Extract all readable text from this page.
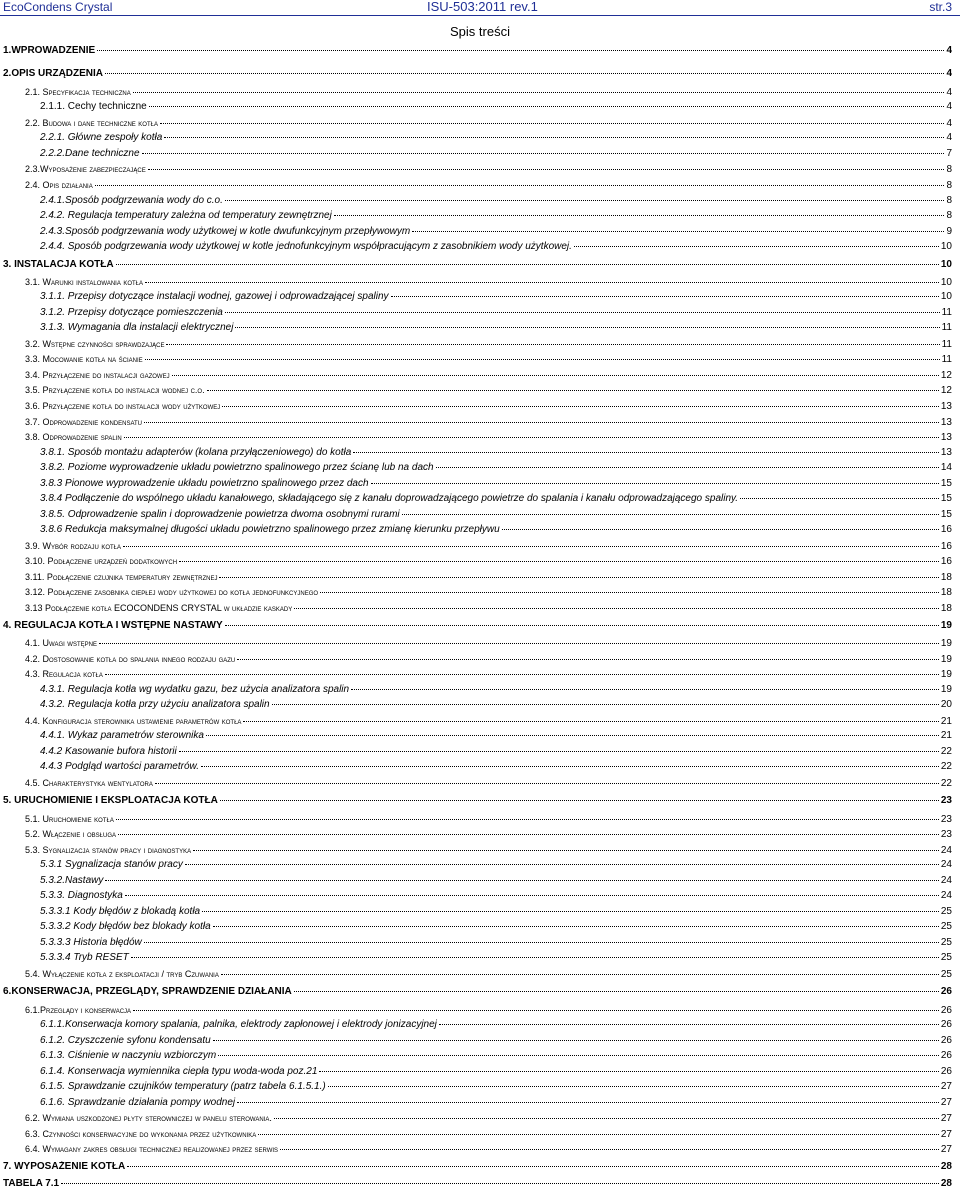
EcoCondens Crystal	ISU-503:2011 rev.1	str.3
Spis treści
1.WPROWADZENIE	4
2.OPIS URZĄDZENIA	4
2.1. Specyfikacja techniczna	4
2.1.1. Cechy techniczne	4
2.2. Budowa i dane techniczne kotła	4
2.2.1. Główne zespoły kotła	4
2.2.2.Dane techniczne	7
2.3.Wyposażenie zabezpieczające	8
2.4. Opis działania	8
2.4.1.Sposób podgrzewania wody do c.o.	8
2.4.2. Regulacja temperatury zależna od temperatury zewnętrznej	8
2.4.3.Sposób podgrzewania wody użytkowej w kotle dwufunkcyjnym przepływowym	9
2.4.4. Sposób podgrzewania wody użytkowej w kotle jednofunkcyjnym współpracującym z zasobnikiem wody użytkowej.	10
3. INSTALACJA KOTŁA	10
3.1. Warunki instalowania kotła	10
3.1.1. Przepisy dotyczące instalacji wodnej, gazowej i odprowadzającej spaliny	10
3.1.2. Przepisy dotyczące pomieszczenia	11
3.1.3. Wymagania dla instalacji elektrycznej	11
3.2. Wstępne czynności sprawdzające	11
3.3. Mocowanie kotła na ścianie	11
3.4. Przyłączenie do instalacji gazowej	12
3.5. Przyłączenie kotła do instalacji wodnej c.o.	12
3.6. Przyłączenie kotła do instalacji wody użytkowej	13
3.7. Odprowadzenie kondensatu	13
3.8. Odprowadzenie spalin	13
3.8.1. Sposób montażu adapterów (kolana przyłączeniowego) do kotła	13
3.8.2. Poziome wyprowadzenie układu powietrzno spalinowego przez ścianę lub na dach	14
3.8.3 Pionowe wyprowadzenie układu powietrzno spalinowego przez dach	15
3.8.4 Podłączenie do wspólnego układu kanałowego, składającego się z kanału doprowadzającego powietrze do spalania i kanału odprowadzającego spaliny.	15
3.8.5. Odprowadzenie spalin i doprowadzenie powietrza dwoma osobnymi rurami	15
3.8.6 Redukcja maksymalnej długości układu powietrzno spalinowego przez zmianę kierunku przepływu	16
3.9. Wybór rodzaju kotła	16
3.10. Podłączenie urządzeń dodatkowych	16
3.11. Podłączenie czujnika temperatury zewnętrznej	18
3.12. Podłączenie zasobnika ciepłej wody użytkowej do kotła jednofunkcyjnego	18
3.13 Podłączenie kotła ECOCONDENS CRYSTAL w układzie kaskady	18
4. REGULACJA KOTŁA I WSTĘPNE NASTAWY	19
4.1. Uwagi wstępne	19
4.2. Dostosowanie kotła do spalania innego rodzaju gazu	19
4.3. Regulacja kotła	19
4.3.1. Regulacja kotła wg wydatku gazu, bez użycia analizatora spalin	19
4.3.2. Regulacja kotła przy użyciu analizatora spalin	20
4.4. Konfiguracja sterownika ustawienie parametrów kotła	21
4.4.1. Wykaz parametrów sterownika	21
4.4.2 Kasowanie bufora historii	22
4.4.3 Podgląd wartości parametrów.	22
4.5. Charakterystyka wentylatora	22
5. URUCHOMIENIE I EKSPLOATACJA KOTŁA	23
5.1. Uruchomienie kotła	23
5.2. Włączenie i obsługa	23
5.3. Sygnalizacja stanów pracy i diagnostyka	24
5.3.1 Sygnalizacja stanów pracy	24
5.3.2.Nastawy	24
5.3.3. Diagnostyka	24
5.3.3.1 Kody błędów z blokadą kotła	25
5.3.3.2 Kody błędów bez blokady kotła	25
5.3.3.3 Historia błędów	25
5.3.3.4 Tryb RESET	25
5.4. Wyłączenie kotła z eksploatacji / tryb Czuwania	25
6.KONSERWACJA, PRZEGLĄDY, SPRAWDZENIE DZIAŁANIA	26
6.1.Przeglądy i konserwacja	26
6.1.1.Konserwacja komory spalania, palnika, elektrody zapłonowej i elektrody jonizacyjnej	26
6.1.2. Czyszczenie syfonu kondensatu	26
6.1.3. Ciśnienie w naczyniu wzbiorczym	26
6.1.4. Konserwacja wymiennika ciepła typu woda-woda poz.21	26
6.1.5. Sprawdzanie czujników temperatury (patrz tabela 6.1.5.1.)	27
6.1.6. Sprawdzanie działania pompy wodnej	27
6.2. Wymiana uszkodzonej płyty sterowniczej w panelu sterowania.	27
6.3. Czynności konserwacyjne do wykonania przez użytkownika	27
6.4. Wymagany zakres obsługi technicznej realizowanej przez serwis	27
7. WYPOSAŻENIE KOTŁA	28
TABELA 7.1	28
